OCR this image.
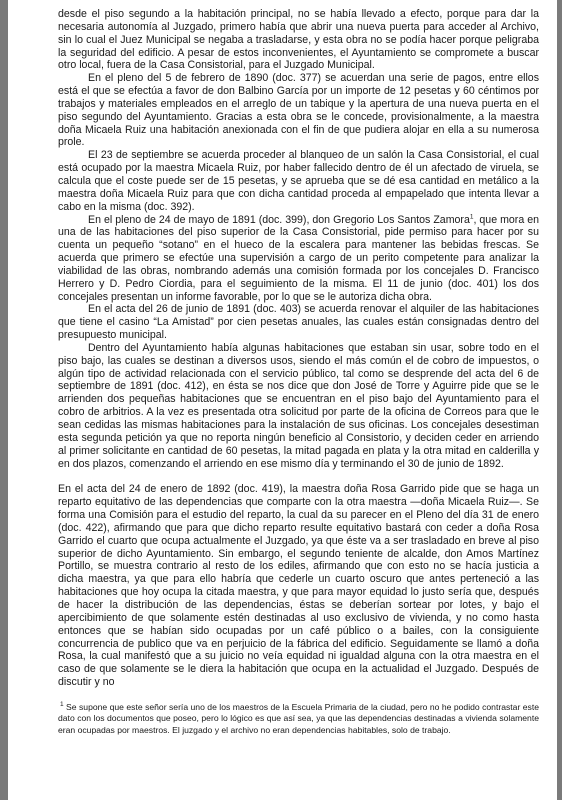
desde el piso segundo a la habitación principal, no se había llevado a efecto, porque para dar la necesaria autonomía al Juzgado, primero había que abrir una nueva puerta para acceder al Archivo, sin lo cual el Juez Municipal se negaba a trasladarse, y esta obra no se podía hacer porque peligraba la seguridad del edificio. A pesar de estos inconvenientes, el Ayuntamiento se compromete a buscar otro local, fuera de la Casa Consistorial, para el Juzgado Municipal.

En el pleno del 5 de febrero de 1890 (doc. 377) se acuerdan una serie de pagos, entre ellos está el que se efectúa a favor de don Balbino García por un importe de 12 pesetas y 60 céntimos por trabajos y materiales empleados en el arreglo de un tabique y la apertura de una nueva puerta en el piso segundo del Ayuntamiento. Gracias a esta obra se le concede, provisionalmente, a la maestra doña Micaela Ruiz una habitación anexionada con el fin de que pudiera alojar en ella a su numerosa prole.

El 23 de septiembre se acuerda proceder al blanqueo de un salón la Casa Consistorial, el cual está ocupado por la maestra Micaela Ruiz, por haber fallecido dentro de él un afectado de viruela, se calcula que el coste puede ser de 15 pesetas, y se aprueba que se dé esa cantidad en metálico a la maestra doña Micaela Ruiz para que con dicha cantidad proceda al empapelado que intenta llevar a cabo en la misma (doc. 392).

En el pleno de 24 de mayo de 1891 (doc. 399), don Gregorio Los Santos Zamora$^1$, que mora en una de las habitaciones del piso superior de la Casa Consistorial, pide permiso para hacer por su cuenta un pequeño “sotano” en el hueco de la escalera para mantener las bebidas frescas. Se acuerda que primero se efectúe una supervisión a cargo de un perito competente para analizar la viabilidad de las obras, nombrando además una comisión formada por los concejales D. Francisco Herrero y D. Pedro Ciordia, para el seguimiento de la misma. El 11 de junio (doc. 401) los dos concejales presentan un informe favorable, por lo que se le autoriza dicha obra.

En el acta del 26 de junio de 1891 (doc. 403) se acuerda renovar el alquiler de las habitaciones que tiene el casino “La Amistad” por cien pesetas anuales, las cuales están consignadas dentro del presupuesto municipal.

Dentro del Ayuntamiento había algunas habitaciones que estaban sin usar, sobre todo en el piso bajo, las cuales se destinan a diversos usos, siendo el más común el de cobro de impuestos, o algún tipo de actividad relacionada con el servicio público, tal como se desprende del acta del 6 de septiembre de 1891 (doc. 412), en ésta se nos dice que don José de Torre y Aguirre pide que se le arrienden dos pequeñas habitaciones que se encuentran en el piso bajo del Ayuntamiento para el cobro de arbitrios. A la vez es presentada otra solicitud por parte de la oficina de Correos para que le sean cedidas las mismas habitaciones para la instalación de sus oficinas. Los concejales desestiman esta segunda petición ya que no reporta ningún beneficio al Consistorio, y deciden ceder en arriendo al primer solicitante en cantidad de 60 pesetas, la mitad pagada en plata y la otra mitad en calderilla y en dos plazos, comenzando el arriendo en ese mismo día y terminando el 30 de junio de 1892.

En el acta del 24 de enero de 1892 (doc. 419), la maestra doña Rosa Garrido pide que se haga un reparto equitativo de las dependencias que comparte con la otra maestra —doña Micaela Ruiz—. Se forma una Comisión para el estudio del reparto, la cual da su parecer en el Pleno del día 31 de enero (doc. 422), afirmando que para que dicho reparto resulte equitativo bastará con ceder a doña Rosa Garrido el cuarto que ocupa actualmente el Juzgado, ya que éste va a ser trasladado en breve al piso superior de dicho Ayuntamiento. Sin embargo, el segundo teniente de alcalde, don Amos Martínez Portillo, se muestra contrario al resto de los ediles, afirmando que con esto no se hacía justicia a dicha maestra, ya que para ello habría que cederle un cuarto oscuro que antes perteneció a las habitaciones que hoy ocupa la citada maestra, y que para mayor equidad lo justo sería que, después de hacer la distribución de las dependencias, éstas se deberían sortear por lotes, y bajo el apercibimiento de que solamente estén destinadas al uso exclusivo de vivienda, y no como hasta entonces que se habían sido ocupadas por un café público o a bailes, con la consiguiente concurrencia de publico que va en perjuicio de la fábrica del edificio. Seguidamente se llamó a doña Rosa, la cual manifestó que a su juicio no veía equidad ni igualdad alguna con la otra maestra en el caso de que solamente se le diera la habitación que ocupa en la actualidad el Juzgado. Después de discutir y no

$^1$ Se supone que este señor sería uno de los maestros de la Escuela Primaria de la ciudad, pero no he podido contrastar este dato con los documentos que poseo, pero lo lógico es que así sea, ya que las dependencias destinadas a vivienda solamente eran ocupadas por maestros. El juzgado y el archivo no eran dependencias habitables, solo de trabajo.
